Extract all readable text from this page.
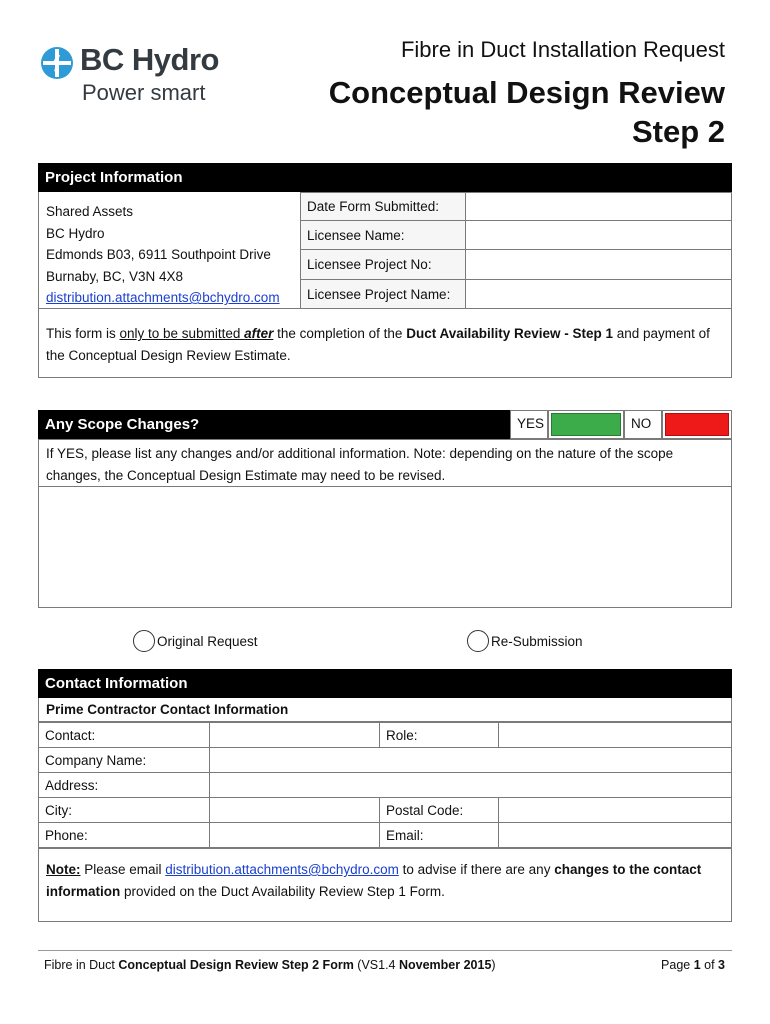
BC Hydro
Power smart
Fibre in Duct Installation Request
Conceptual Design Review
Step 2
Project Information
Shared Assets
BC Hydro
Edmonds B03, 6911 Southpoint Drive
Burnaby, BC, V3N 4X8
distribution.attachments@bchydro.com
Date Form Submitted:	
Licensee Name:	
Licensee Project No:	
Licensee Project Name:	
This form is only to be submitted after the completion of the Duct Availability Review - Step 1 and payment of the Conceptual Design Review Estimate.
Any Scope Changes?	YES	NO
If YES, please list any changes and/or additional information. Note: depending on the nature of the scope changes, the Conceptual Design Estimate may need to be revised.
Original Request	Re-Submission
Contact Information
Prime Contractor Contact Information
Contact:		Role:	
Company Name:			
Address:			
City:		Postal Code:	
Phone:		Email:	
Note: Please email distribution.attachments@bchydro.com to advise if there are any changes to the contact information provided on the Duct Availability Review Step 1 Form.
Fibre in Duct Conceptual Design Review Step 2 Form (VS1.4 November 2015)	Page 1 of 3
